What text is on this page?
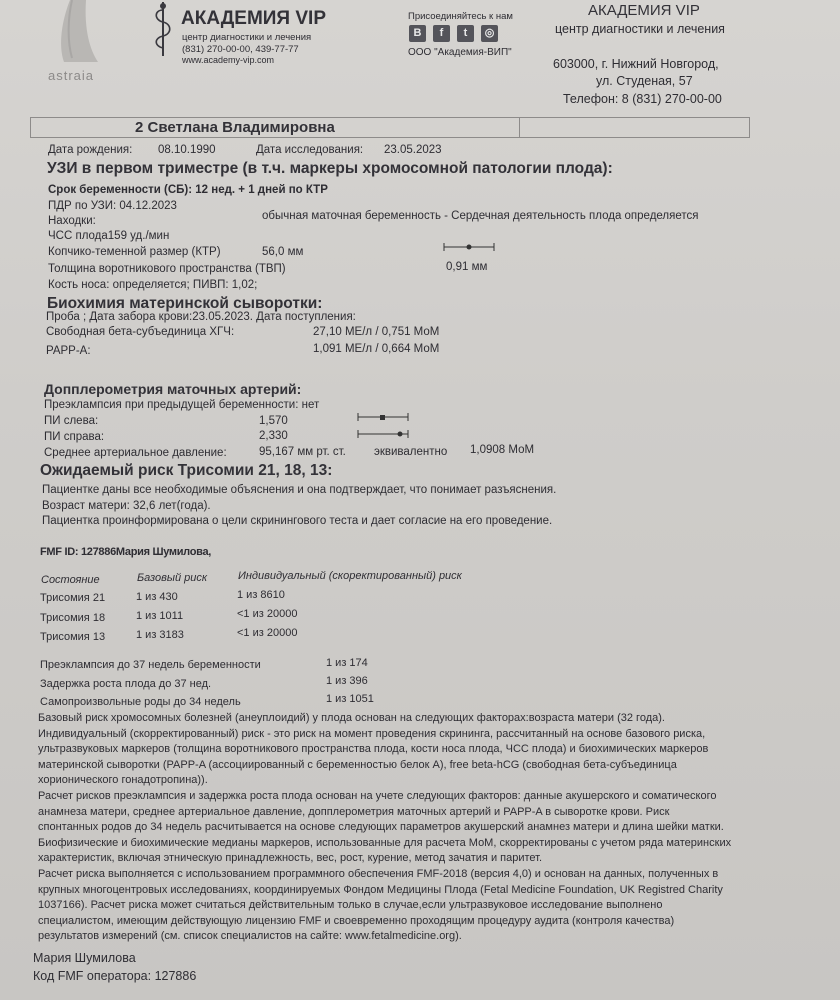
astraia
АКАДЕМИЯ VIP
центр диагностики и лечения
(831) 270-00-00, 439-77-77
www.academy-vip.com
Присоединяйтесь к нам
В	f	t	◎
ООО "Академия-ВИП"
АКАДЕМИЯ VIP
центр диагностики и лечения
603000, г. Нижний Новгород,
ул. Студеная, 57
Телефон: 8 (831) 270-00-00
2 Светлана Владимировна
Дата рождения: 08.10.1990	Дата исследования: 23.05.2023
УЗИ в первом триместре (в т.ч. маркеры хромосомной патологии плода):
Срок беременности (СБ): 12 нед. + 1 дней по КТР
ПДР по УЗИ: 04.12.2023
Находки:	обычная маточная беременность - Сердечная деятельность плода определяется
ЧСС плода159 уд./мин
Копчико-теменной размер (КТР)	56,0 мм
Толщина воротникового пространства (ТВП)	0,91 мм
Кость носа: определяется; ПИВП: 1,02;
Биохимия материнской сыворотки:
Проба ; Дата забора крови:23.05.2023. Дата поступления:
Свободная бета-субъединица ХГЧ:	27,10 МЕ/л / 0,751 МоМ
PAPP-A:	1,091 МЕ/л / 0,664 МоМ
Допплерометрия маточных артерий:
Преэклампсия при предыдущей беременности: нет
ПИ слева:	1,570
ПИ справа:	2,330
Среднее артериальное давление:	95,167 мм рт. ст. эквивалентно 1,0908 МоМ
Ожидаемый риск Трисомии 21, 18, 13:
Пациентке даны все необходимые объяснения и она подтверждает, что понимает разъяснения.
Возраст матери: 32,6 лет(года).
Пациентка проинформирована о цели скринингового теста и дает согласие на его проведение.
FMF ID: 127886Мария Шумилова,
Состояние	Базовый риск	Индивидуальный (скоректированный) риск
Трисомия 21	1 из 430	1 из 8610
Трисомия 18	1 из 1011	<1 из 20000
Трисомия 13	1 из 3183	<1 из 20000
Преэклампсия до 37 недель беременности	1 из 174
Задержка роста плода до 37 нед.	1 из 396
Самопроизвольные роды до 34 недель	1 из 1051
Базовый риск хромосомных болезней (анеуплоидий) у плода основан на следующих факторах:возраста матери (32 года).
Индивидуальный (скорректированный) риск - это риск на момент проведения скрининга, рассчитанный на основе базового риска,
ультразвуковых маркеров (толщина воротникового пространства плода, кости носа плода, ЧСС плода) и биохимических маркеров
материнской сыворотки (PAPP-A (ассоциированный с беременностью белок А), free beta-hCG (свободная бета-субъединица
хорионического гонадотропина)).
Расчет рисков преэклампсия и задержка роста плода основан на учете следующих факторов: данные акушерского и соматического
анамнеза матери, среднее артериальное давление, допплерометрия маточных артерий и PAPP-A в сыворотке крови. Риск
спонтанных родов до 34 недель расчитывается на основе следующих параметров акушерский анамнез матери и длина шейки матки.
Биофизические и биохимические медианы маркеров, использованные для расчета МоМ, скорректированы с учетом ряда материнских
характеристик, включая этническую принадлежность, вес, рост, курение, метод зачатия и паритет.
Расчет риска выполняется с использованием программного обеспечения FMF-2018 (версия 4,0) и основан на данных, полученных в
крупных многоцентровых исследованиях, координируемых Фондом Медицины Плода (Fetal Medicine Foundation, UK Registred Charity
1037166). Расчет риска может считаться действительным только в случае,если ультразвуковое исследование выполнено
специалистом, имеющим действующую лицензию FMF и своевременно проходящим процедуру аудита (контроля качества)
результатов измерений (см. список специалистов на сайте: www.fetalmedicine.org).
Мария Шумилова
Код FMF оператора: 127886
